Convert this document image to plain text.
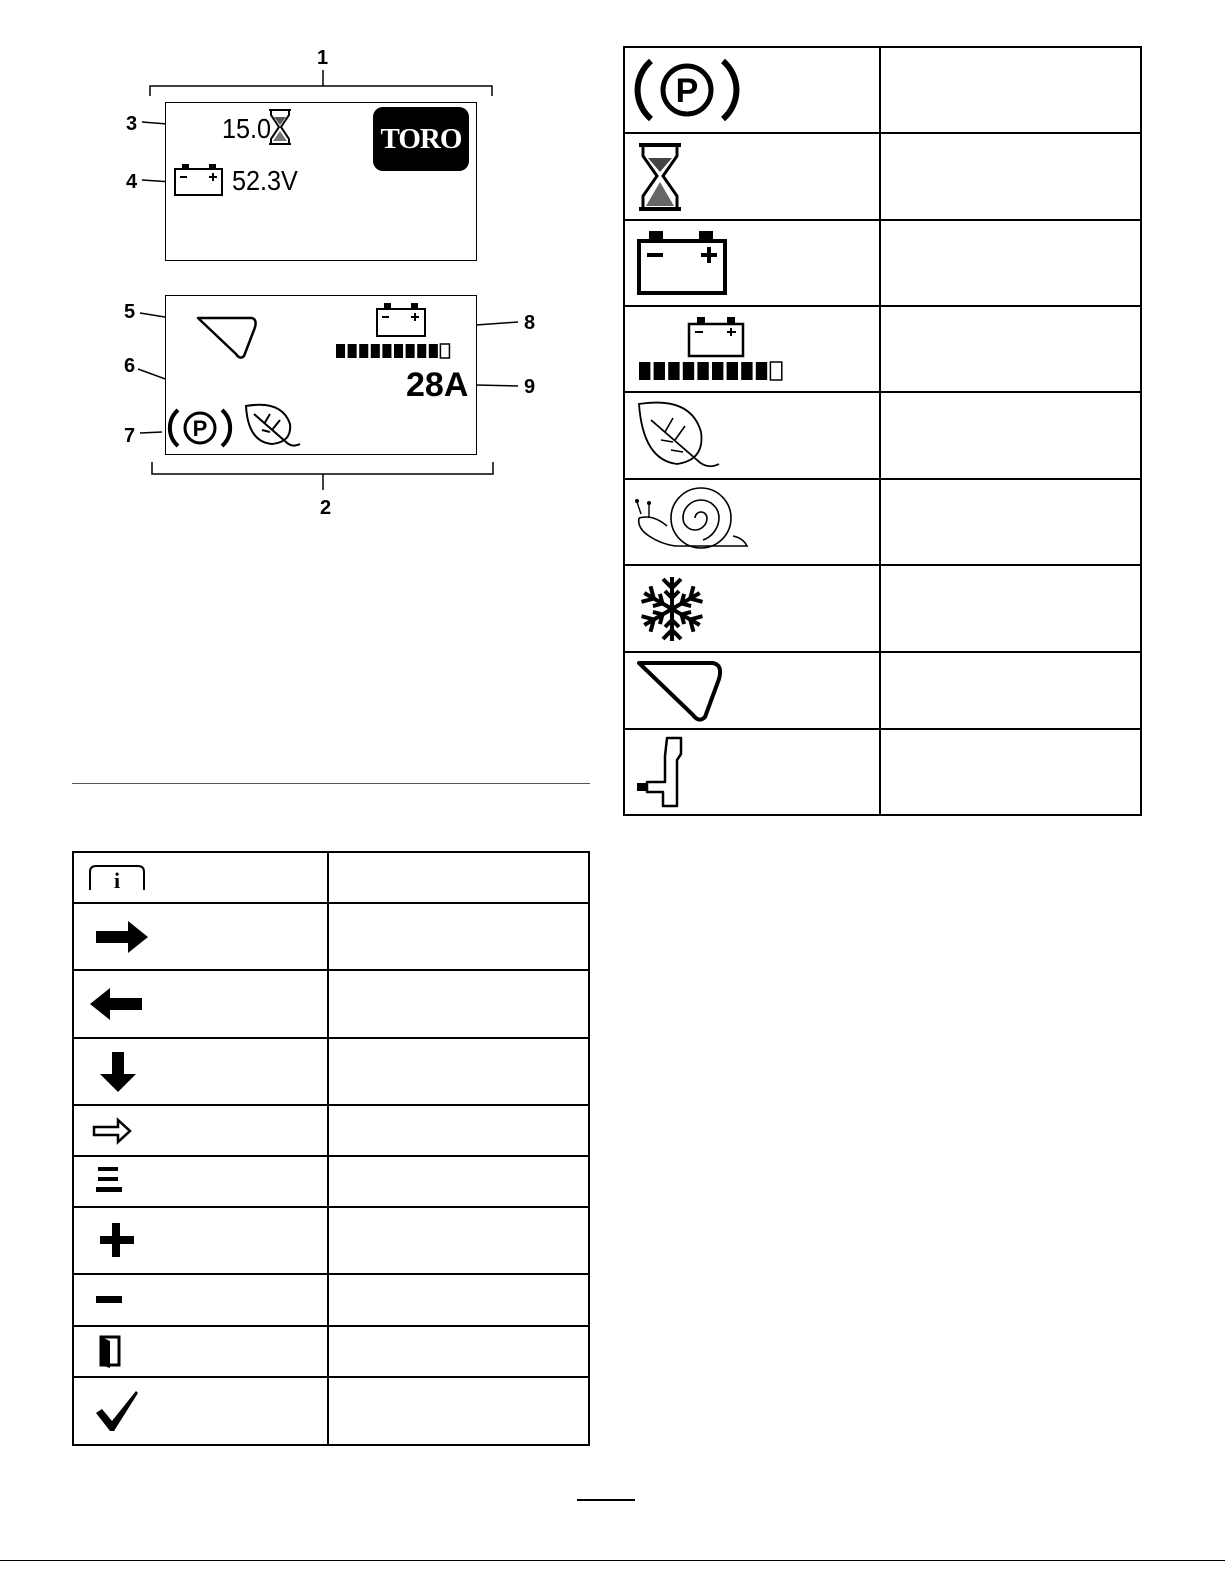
1
3
4
5
6
7
8
9
2
15.0
52.3V
TORO
28A
P
P	

i	
